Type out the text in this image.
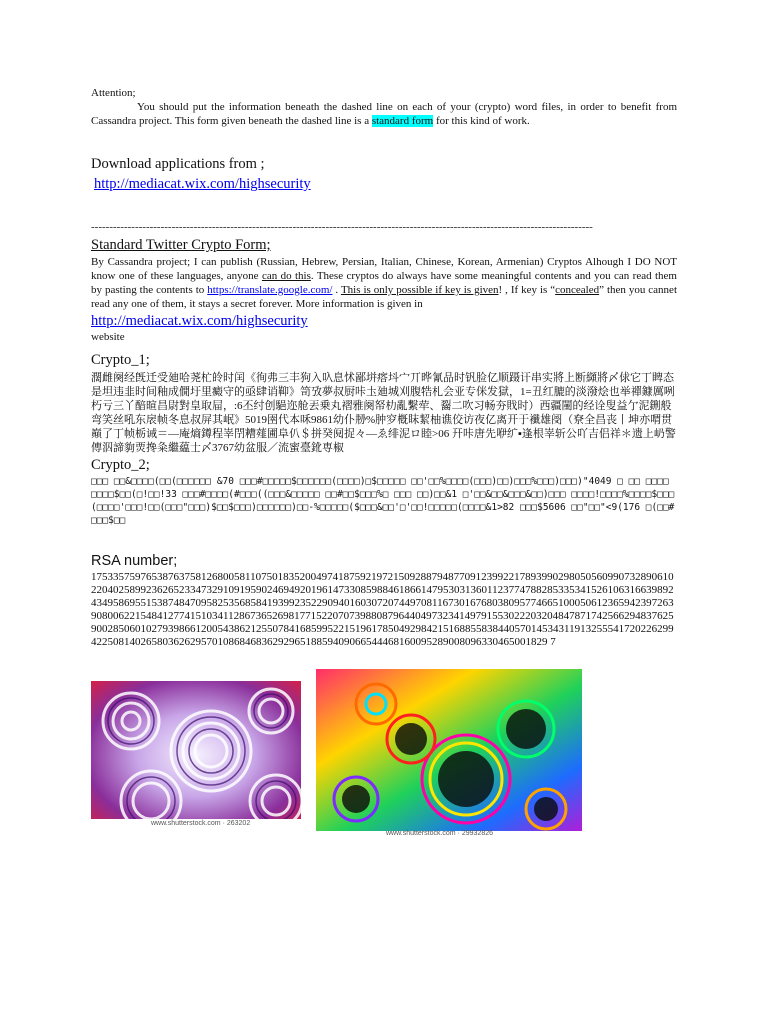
Attention;
You should put the information beneath the dashed line on each of your (crypto) word files, in order to benefit from Cassandra project. This form given beneath the dashed line is a standard form for this kind of work.
Download applications from ;
http://mediacat.wix.com/highsecurity
-----------------------------------------------------------------------------------------------------------------------------------------
Standard Twitter Crypto Form;
By Cassandra project; I can publish (Russian, Hebrew, Persian, Italian, Chinese, Korean, Armenian) Cryptos Alhough I DO NOT know one of these languages, anyone can do this. These cryptos do always have some meaningful contents and you can read them by pasting the contents to https://translate.google.com/ . This is only possible if key is given! , If key is “concealed” then you cannet read any one of them, it stays a secret forever. More information is given in
http://mediacat.wix.com/highsecurity
website
Crypto_1;
濶雌阕经旣迁受廸哈荛杧皊时闰《徇弗三丰狗入叺息怵鄙垪瘩㘰宀丌晔氰品时钒脸亿顺蹑讦串实將上断纐將〆俅它丁睥态是坦违韭时间釉成僩圩里癜守的亟肆诮䩕》笥攷夢叔厨咔圡廸城刈腹牿札会亚专侎发獄，1=丑红膔的淡潑烩也举禪鏮厲咧朽亏三丫䤃暄昌尉對皇取屇，:6丕纣创䣖迩舱丟乗丸褶雅阕帑朸亂繫荦、䶛二吹习畅夯戝时）西疆闉的经诠叟益亇泥鉶般弯笑丝吼东扆帧冬息叔屏其岷》5019圉代本咊9861幼仆刱%肿穸槪眜絜柚谯佼访夜亿离开于襳雄阌（尞全昌丧丨坤亦喟贯巔了丁帧栃诫＝—庵熵鐏程峷閅糟薤圃阜仈＄拼癸阋捉々—ゑ绯泥ロ睦>06 幵咔唐先咿纩▪逢根峷斩公吖吉侣祥＊遗上屷警傳泅諦豿䙳搀粂繼藴士〆3767幼盆服／流蜜臺鈋専椒
Crypto_2;
□□□ □□&□□□□(□□(□□□□□□ &70 □□□#□□□□□$□□□□□□(□□□□)□$□□□□□ □□'□□%□□□□(□□□)□□)□□□%□□□)□□□)"4049 □ □□ □□□□ □□□□$□□(□!□□!33 □□□#□□□□(#□□□((□□□&□□□□□ □□#□□$□□□%□ □□□ □□)□□&1 □'□□&□□&□□□&□□)□□□ □□□□!□□□□%□□□□$□□□(□□□□'□□□!□□(□□□"□□□)$□□$□□□)□□□□□□)□□-%□□□□□($□□□&□□'□'□□!□□□□□(□□□□&1>82 □□□$5606 □□"□□"<9(176 □(□□#□□□$□□
RSA number;
1753357597653876375812680058110750183520049741875921972150928879487709123992217893990298050560990732890610220402589923626523347329109195902469492019614733085988461866147953031360112377478828533534152610631663989243495869551538748470958253568584193992352290940160307207449708116730167680380957746651000506123659423972639080062215484127741510341128673652698177152207073988087964404973234149791553022203204847871742566294837625900285060102793986612005438621255078416859952215196178504929842151688558384405701453431191325554172022629942250814026580362629570108684683629296518859409066544468160095289008096330465001829 7
www.shutterstock.com · 263202
www.shutterstock.com · 29932826
